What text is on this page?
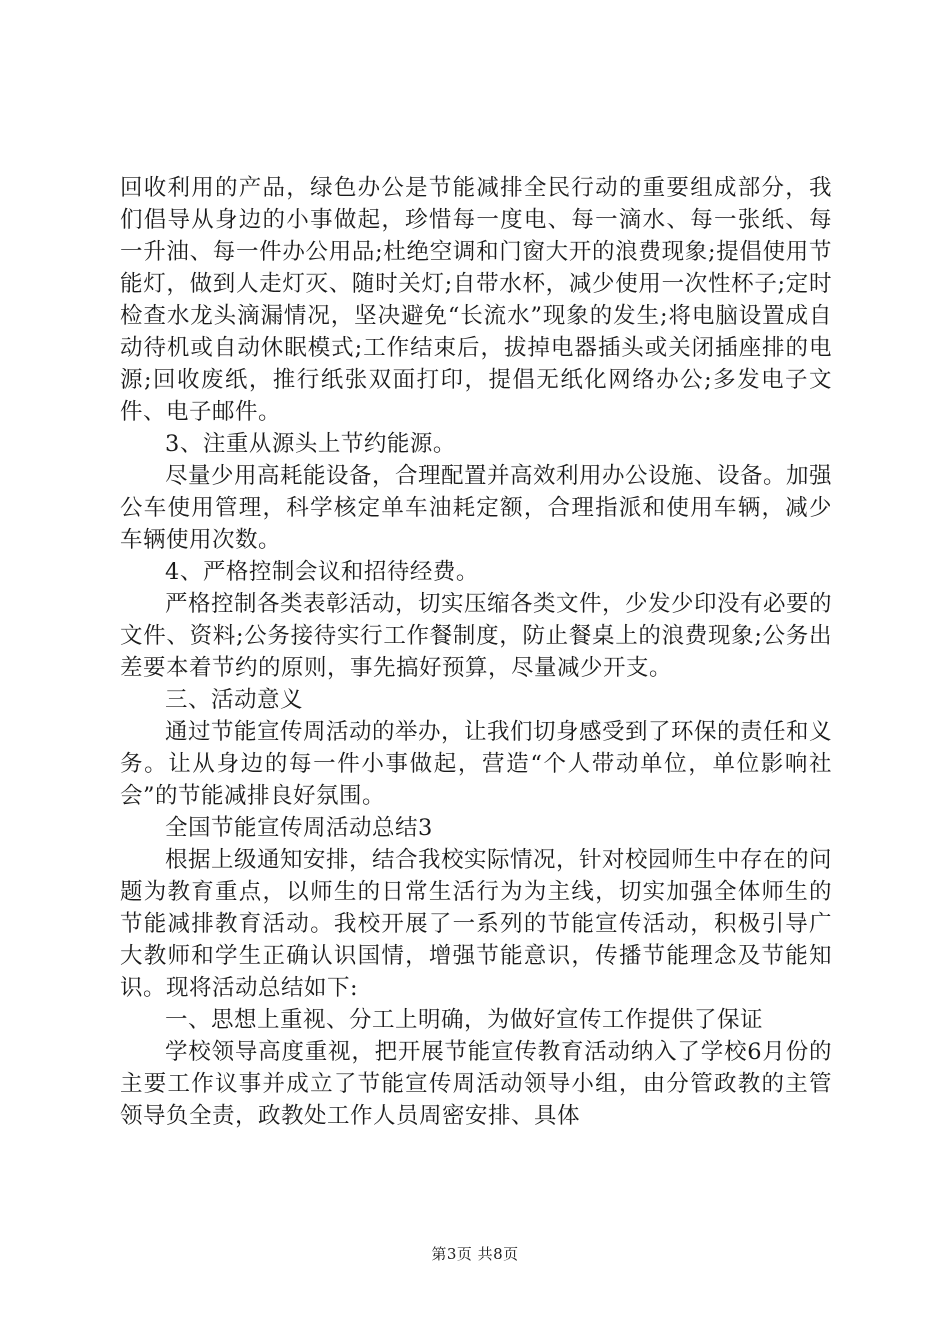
回收利用的产品，绿色办公是节能减排全民行动的重要组成部分，我们倡导从身边的小事做起，珍惜每一度电、每一滴水、每一张纸、每一升油、每一件办公用品;杜绝空调和门窗大开的浪费现象;提倡使用节能灯，做到人走灯灭、随时关灯;自带水杯，减少使用一次性杯子;定时检查水龙头滴漏情况，坚决避免“长流水”现象的发生;将电脑设置成自动待机或自动休眠模式;工作结束后，拔掉电器插头或关闭插座排的电源;回收废纸，推行纸张双面打印，提倡无纸化网络办公;多发电子文件、电子邮件。

3、注重从源头上节约能源。

尽量少用高耗能设备，合理配置并高效利用办公设施、设备。加强公车使用管理，科学核定单车油耗定额，合理指派和使用车辆，减少车辆使用次数。

4、严格控制会议和招待经费。

严格控制各类表彰活动，切实压缩各类文件，少发少印没有必要的文件、资料;公务接待实行工作餐制度，防止餐桌上的浪费现象;公务出差要本着节约的原则，事先搞好预算，尽量减少开支。

三、活动意义

通过节能宣传周活动的举办，让我们切身感受到了环保的责任和义务。让从身边的每一件小事做起，营造“个人带动单位，单位影响社会”的节能减排良好氛围。

全国节能宣传周活动总结3

根据上级通知安排，结合我校实际情况，针对校园师生中存在的问题为教育重点，以师生的日常生活行为为主线，切实加强全体师生的节能减排教育活动。我校开展了一系列的节能宣传活动，积极引导广大教师和学生正确认识国情，增强节能意识，传播节能理念及节能知识。现将活动总结如下:

一、思想上重视、分工上明确，为做好宣传工作提供了保证

学校领导高度重视，把开展节能宣传教育活动纳入了学校6月份的主要工作议事并成立了节能宣传周活动领导小组，由分管政教的主管领导负全责，政教处工作人员周密安排、具体

第3页 共8页
